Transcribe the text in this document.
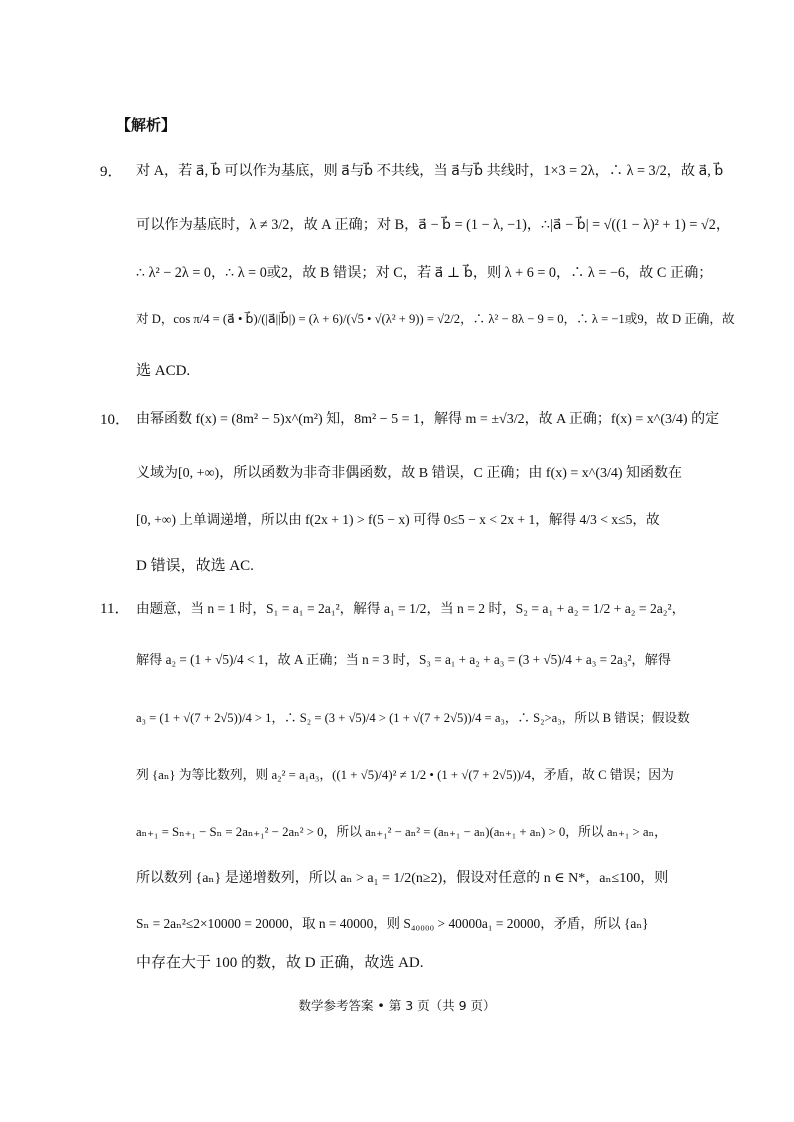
【解析】
9． 对 A，若 a⃗, b⃗ 可以作为基底，则 a⃗与b⃗ 不共线，当 a⃗与b⃗ 共线时，1×3 = 2λ，∴ λ = 3/2，故 a⃗, b⃗
可以作为基底时，λ ≠ 3/2，故 A 正确；对 B，a⃗ − b⃗ = (1 − λ, −1)，∴|a⃗ − b⃗| = √((1 − λ)² + 1) = √2，
∴ λ² − 2λ = 0，∴ λ = 0或2，故 B 错误；对 C，若 a⃗ ⊥ b⃗，则 λ + 6 = 0，∴ λ = −6，故 C 正确；
对 D，cos π/4 = (a⃗ • b⃗)/(|a⃗||b⃗|) = (λ + 6)/(√5 • √(λ² + 9)) = √2/2，∴ λ² − 8λ − 9 = 0，∴ λ = −1或9，故 D 正确，故
选 ACD.
10． 由幂函数 f(x) = (8m² − 5)x^(m²) 知，8m² − 5 = 1，解得 m = ±√3/2，故 A 正确；f(x) = x^(3/4) 的定
义域为[0, +∞)，所以函数为非奇非偶函数，故 B 错误，C 正确；由 f(x) = x^(3/4) 知函数在
[0, +∞) 上单调递增，所以由 f(2x + 1) > f(5 − x) 可得 0≤5 − x < 2x + 1，解得 4/3 < x≤5，故
D 错误，故选 AC.
11． 由题意，当 n = 1 时，S₁ = a₁ = 2a₁²，解得 a₁ = 1/2，当 n = 2 时，S₂ = a₁ + a₂ = 1/2 + a₂ = 2a₂²，
解得 a₂ = (1 + √5)/4 < 1，故 A 正确；当 n = 3 时，S₃ = a₁ + a₂ + a₃ = (3 + √5)/4 + a₃ = 2a₃²，解得
a₃ = (1 + √(7 + 2√5))/4 > 1，∴ S₂ = (3 + √5)/4 > (1 + √(7 + 2√5))/4 = a₃，∴ S₂>a₃，所以 B 错误；假设数
列 {aₙ} 为等比数列，则 a₂² = a₁a₃，((1 + √5)/4)² ≠ 1/2 • (1 + √(7 + 2√5))/4，矛盾，故 C 错误；因为
aₙ₊₁ = Sₙ₊₁ − Sₙ = 2aₙ₊₁² − 2aₙ² > 0，所以 aₙ₊₁² − aₙ² = (aₙ₊₁ − aₙ)(aₙ₊₁ + aₙ) > 0，所以 aₙ₊₁ > aₙ，
所以数列 {aₙ} 是递增数列，所以 aₙ > a₁ = 1/2(n≥2)，假设对任意的 n ∈ N*，aₙ≤100，则
Sₙ = 2aₙ²≤2×10000 = 20000，取 n = 40000，则 S₄₀₀₀₀ > 40000a₁ = 20000，矛盾，所以 {aₙ}
中存在大于 100 的数，故 D 正确，故选 AD.
数学参考答案 • 第 3 页（共 9 页）
